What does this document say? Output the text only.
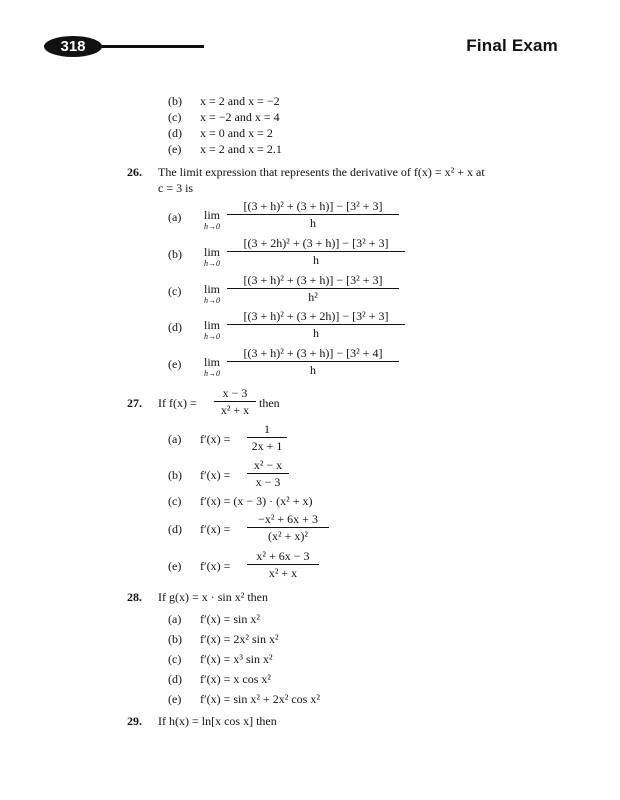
318	Final Exam
(b) x = 2 and x = −2
(c) x = −2 and x = 4
(d) x = 0 and x = 2
(e) x = 2 and x = 2.1
26. The limit expression that represents the derivative of f(x) = x² + x at
c = 3 is
(a)	lim
h→0
[(3 + h)² + (3 + h)] − [3² + 3]
h
(b)	lim
h→0
[(3 + 2h)² + (3 + h)] − [3² + 3]
h
(c)	lim
h→0
[(3 + h)² + (3 + h)] − [3² + 3]
h²
(d)	lim
h→0
[(3 + h)² + (3 + 2h)] − [3² + 3]
h
(e)	lim
h→0
[(3 + h)² + (3 + h)] − [3² + 4]
h
27. If f(x) =
x − 3
x² + x then
(a) f′(x) =
1
2x + 1
(b) f′(x) =
x² − x
x − 3
(c) f′(x) = (x − 3) · (x² + x)
(d) f′(x) =
−x² + 6x + 3
(x² + x)²
(e) f′(x) =
x² + 6x − 3
x² + x
28. If g(x) = x · sin x² then
(a) f′(x) = sin x²
(b) f′(x) = 2x² sin x²
(c) f′(x) = x³ sin x²
(d) f′(x) = x cos x²
(e) f′(x) = sin x² + 2x² cos x²
29. If h(x) = ln[x cos x] then
